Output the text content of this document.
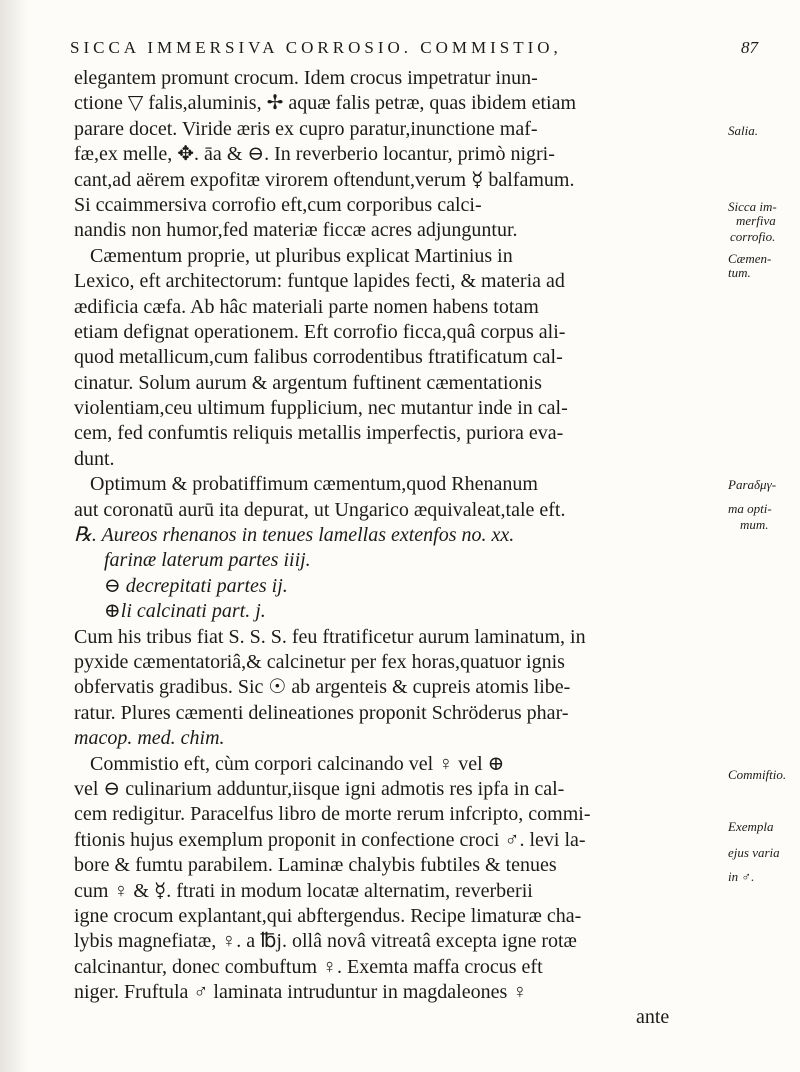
SICCA IMMERSIVA CORROSIO. COMMISTIO,	87
elegantem promunt crocum. Idem crocus impetratur inun-
ctione ▽ falis,aluminis, ✢ aquæ falis petræ, quas ibidem etiam
parare docet. Viride æris ex cupro paratur,inunctione maf-
fæ,ex melle, ✥. āa & ⊖. In reverberio locantur, primò nigri-
cant,ad aërem expofitæ virorem oftendunt,verum ☿ balfamum.
Si ccaimmersiva corrofio eft,cum corporibus calci-
nandis non humor,fed materiæ ficcæ acres adjunguntur.
Cæmentum proprie, ut pluribus explicat Martinius in
Lexico, eft architectorum: funtque lapides fecti, & materia ad
ædificia cæfa. Ab hâc materiali parte nomen habens totam
etiam defignat operationem. Eft corrofio ficca,quâ corpus ali-
quod metallicum,cum falibus corrodentibus ftratificatum cal-
cinatur. Solum aurum & argentum fuftinent cæmentationis
violentiam,ceu ultimum fupplicium, nec mutantur inde in cal-
cem, fed confumtis reliquis metallis imperfectis, puriora eva-
dunt.
Optimum & probatiffimum cæmentum,quod Rhenanum
aut coronatū aurū ita depurat, ut Ungarico æquivaleat,tale eft.
℞. Aureos rhenanos in tenues lamellas extenfos no. xx.
farinæ laterum partes iiij.
⊖ decrepitati partes ij.
⊕li calcinati part. j.
Cum his tribus fiat S. S. S. feu ftratificetur aurum laminatum, in
pyxide cæmentatoriâ,& calcinetur per fex horas,quatuor ignis
obfervatis gradibus. Sic ☉ ab argenteis & cupreis atomis libe-
ratur. Plures cæmenti delineationes proponit Schröderus phar-
macop. med. chim.
Commistio eft, cùm corpori calcinando vel ♀ vel ⊕
vel ⊖ culinarium adduntur,iisque igni admotis res ipfa in cal-
cem redigitur. Paracelfus libro de morte rerum infcripto, commi-
ftionis hujus exemplum proponit in confectione croci ♂. levi la-
bore & fumtu parabilem. Laminæ chalybis fubtiles & tenues
cum ♀ & ☿. ftrati in modum locatæ alternatim, reverberii
igne crocum explantant,qui abftergendus. Recipe limaturæ cha-
lybis magnefiatæ, ♀. a ℔j. ollâ novâ vitreatâ excepta igne rotæ
calcinantur, donec combuftum ♀. Exemta maffa crocus eft
niger. Fruftula ♂ laminata intruduntur in magdaleones ♀
ante
Salia.
Sicca im-
merfiva
corrofio.
Cæmen-
tum.
Paraδμγ-
ma opti-
mum.
Commiftio.
Exempla
ejus varia
in ♂.
